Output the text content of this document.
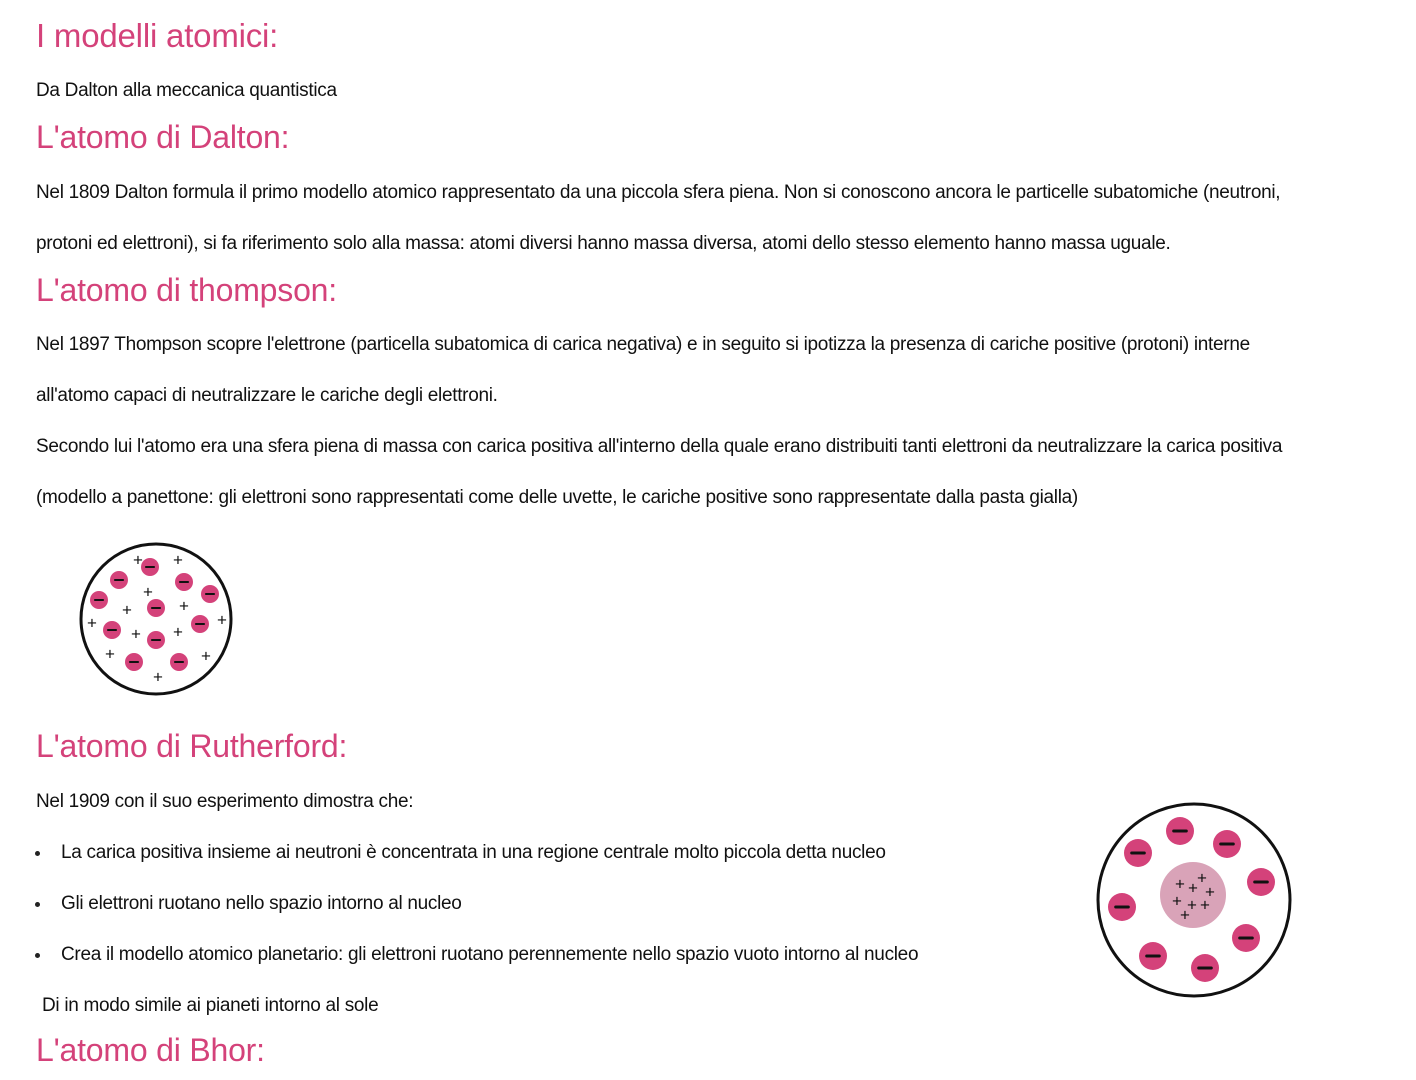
I modelli atomici:
Da Dalton alla meccanica quantistica
L'atomo di Dalton:
Nel 1809 Dalton formula il primo modello atomico rappresentato da una piccola sfera piena. Non si conoscono ancora le particelle subatomiche (neutroni,
protoni ed elettroni), si fa riferimento solo alla massa: atomi diversi hanno massa diversa, atomi dello stesso elemento hanno massa uguale.
L'atomo di thompson:
Nel 1897 Thompson scopre l'elettrone (particella subatomica di carica negativa) e in seguito si ipotizza la presenza di cariche positive (protoni) interne
all'atomo capaci di neutralizzare le cariche degli elettroni.
Secondo lui l'atomo era una sfera piena di massa con carica positiva all'interno della quale erano distribuiti tanti elettroni da neutralizzare la carica positiva
(modello a panettone: gli elettroni sono rappresentati come delle uvette, le cariche positive sono rappresentate dalla pasta gialla)
+ +
+
+	+
+
+
+ +
+	+
+
L'atomo di Rutherford:
Nel 1909 con il suo esperimento dimostra che:
La carica positiva insieme ai neutroni è concentrata in una regione centrale molto piccola detta nucleo
Gli elettroni ruotano nello spazio intorno al nucleo
Crea il modello atomico planetario: gli elettroni ruotano perennemente nello spazio vuoto intorno al nucleo
Di in modo simile ai pianeti intorno al sole
+
+ + +
+ + +
+
L'atomo di Bhor:
